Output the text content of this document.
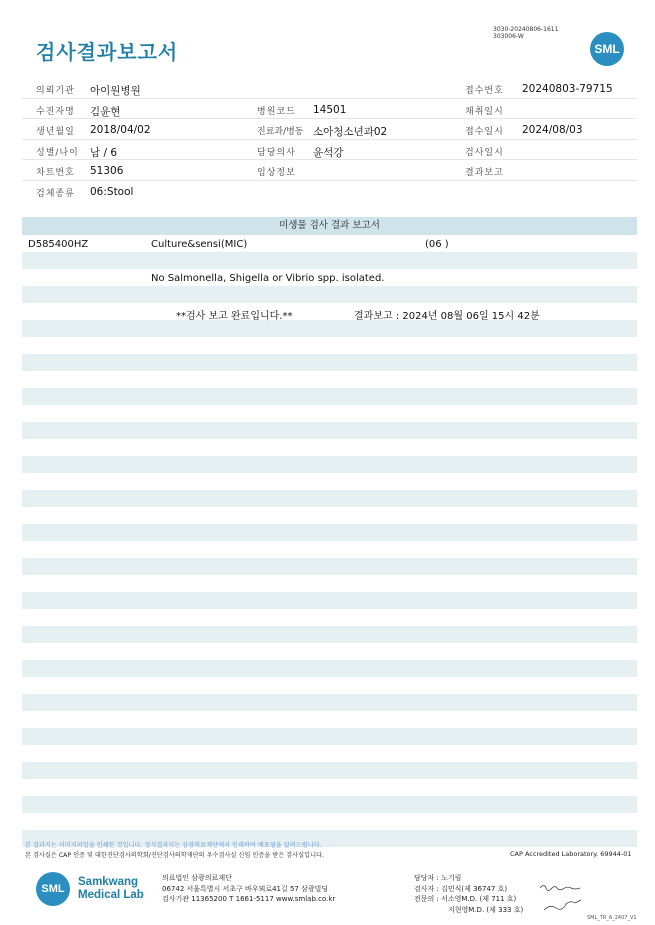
검사결과보고서
3030-20240806-1611
303006-W
SML
의뢰기관 아이원병원	접수번호 20240803-79715
수진자명 김윤현	병원코드 14501	채취일시
생년월일 2018/04/02	진료과/병동 소아청소년과02	접수일시 2024/08/03
성별/나이 남 / 6	담당의사 윤석강	검사일시
차트번호 51306	임상정보	결과보고
검체종류 06:Stool
미생물 검사 결과 보고서
D585400HZ	Culture&sensi(MIC)	(06 )
No Salmonella, Shigella or Vibrio spp. isolated.
**검사 보고 완료입니다.**	결과보고 : 2024년 08월 06일 15시 42분
본 결과지는 이미지파일을 인쇄한 것입니다. 정식결과지는 삼광의료재단에서 인쇄하여 배포됨을 알려드립니다.
본 검사실은 CAP 인증 및 대한진단검사의학회/진단검사의학재단의 우수검사실 신임 인증을 받은 검사실입니다.	CAP Accredited Laboratory. 69944-01
SML
Samkwang
Medical Lab
의료법인 삼광의료재단
06742 서울특별시 서초구 바우뫼로41길 57 삼광빌딩
검사기관 11365200 T 1661-5117 www.smlab.co.kr
담당자 : 노기림
검사자 : 김민식(제 36747 호)
전문의 : 서소영M.D. (제 711 호)
지현영M.D. (제 333 호)
SML_TR_A_2407_V1
